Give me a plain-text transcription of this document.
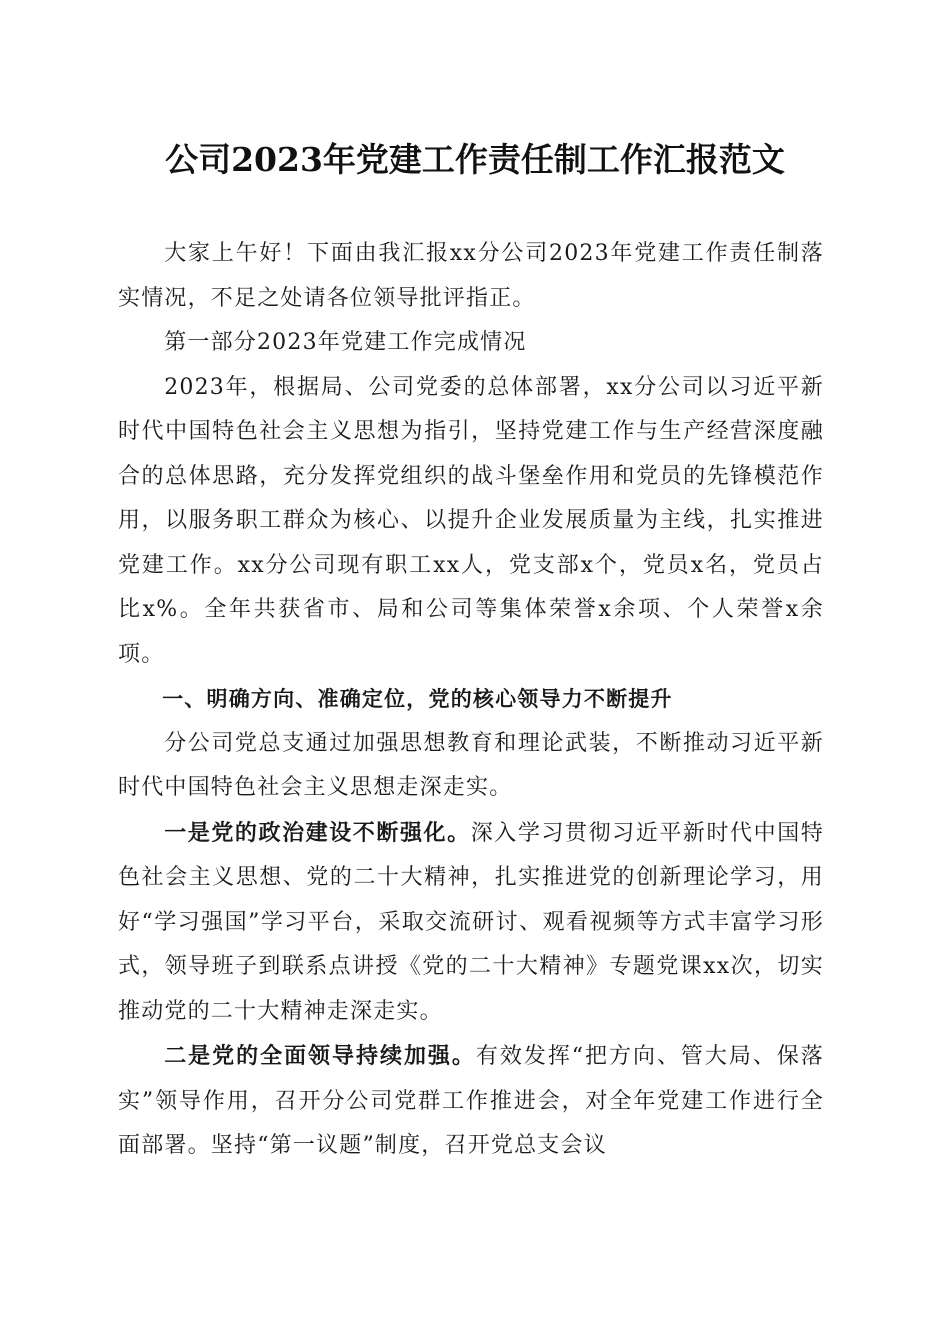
公司2023年党建工作责任制工作汇报范文

大家上午好！下面由我汇报xx分公司2023年党建工作责任制落实情况，不足之处请各位领导批评指正。

第一部分2023年党建工作完成情况

2023年，根据局、公司党委的总体部署，xx分公司以习近平新时代中国特色社会主义思想为指引，坚持党建工作与生产经营深度融合的总体思路，充分发挥党组织的战斗堡垒作用和党员的先锋模范作用，以服务职工群众为核心、以提升企业发展质量为主线，扎实推进党建工作。xx分公司现有职工xx人，党支部x个，党员x名，党员占比x%。全年共获省市、局和公司等集体荣誉x余项、个人荣誉x余项。

一、明确方向、准确定位，党的核心领导力不断提升

分公司党总支通过加强思想教育和理论武装，不断推动习近平新时代中国特色社会主义思想走深走实。

一是党的政治建设不断强化。深入学习贯彻习近平新时代中国特色社会主义思想、党的二十大精神，扎实推进党的创新理论学习，用好“学习强国”学习平台，采取交流研讨、观看视频等方式丰富学习形式，领导班子到联系点讲授《党的二十大精神》专题党课xx次，切实推动党的二十大精神走深走实。

二是党的全面领导持续加强。有效发挥“把方向、管大局、保落实”领导作用，召开分公司党群工作推进会，对全年党建工作进行全面部署。坚持“第一议题”制度，召开党总支会议
